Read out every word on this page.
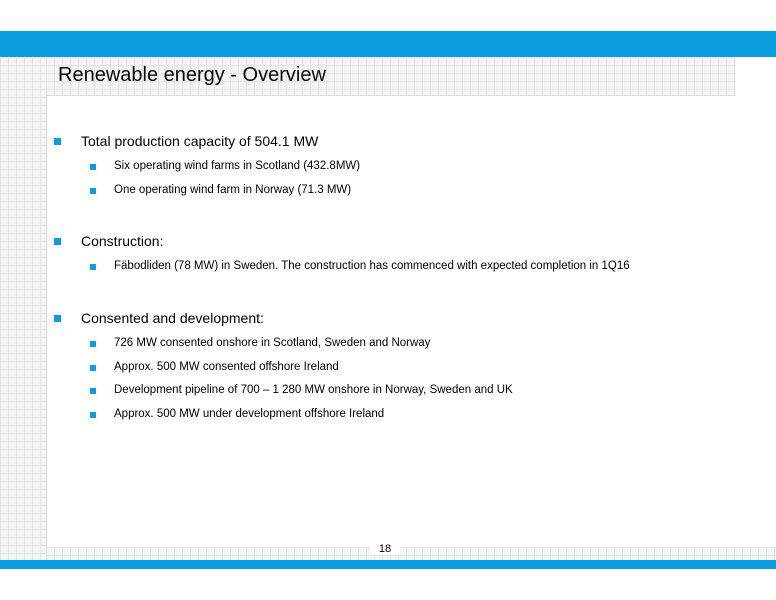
Renewable energy - Overview
Total production capacity of 504.1 MW
Six operating wind farms in Scotland (432.8MW)
One operating wind farm in Norway (71.3 MW)
Construction:
Fäbodliden (78 MW) in Sweden. The construction has commenced with expected completion in 1Q16
Consented and development:
726 MW consented onshore in Scotland, Sweden and Norway
Approx. 500 MW consented offshore Ireland
Development pipeline of 700 – 1 280 MW onshore in Norway, Sweden and UK
Approx. 500 MW under development offshore Ireland
18
